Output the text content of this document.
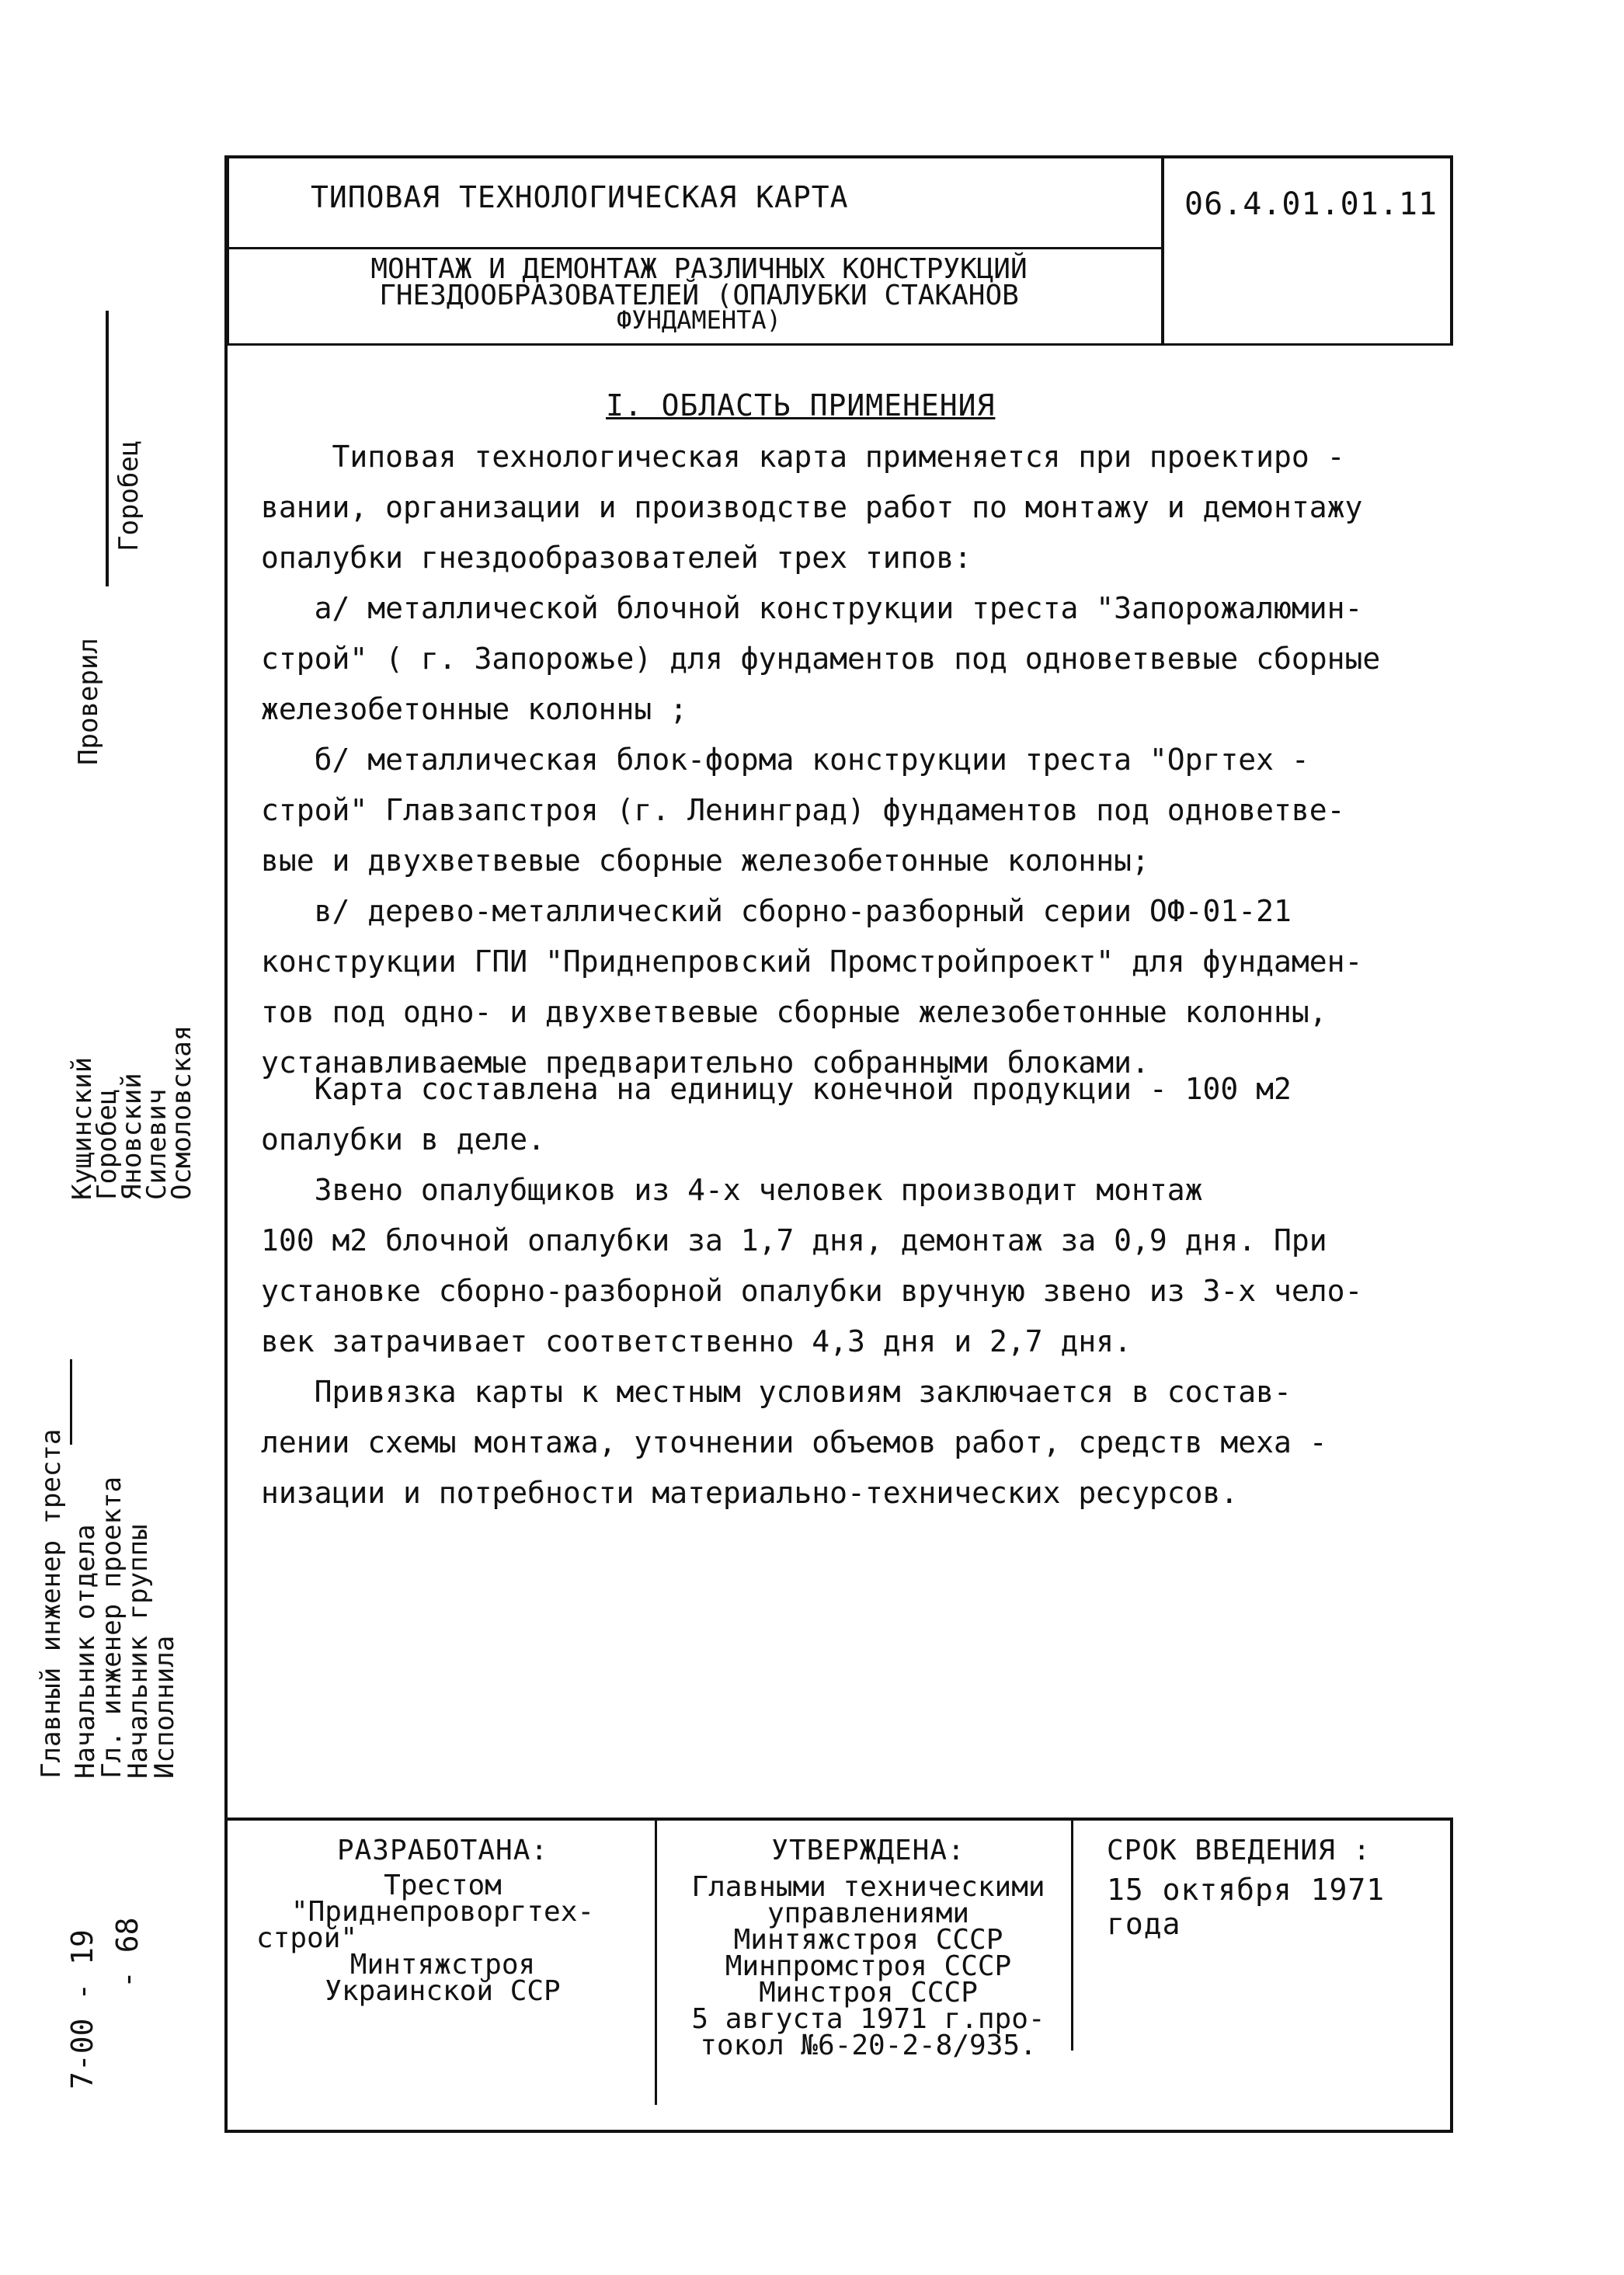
ТИПОВАЯ ТЕХНОЛОГИЧЕСКАЯ КАРТА
МОНТАЖ И ДЕМОНТАЖ РАЗЛИЧНЫХ КОНСТРУКЦИЙ
ГНЕЗДООБРАЗОВАТЕЛЕЙ (ОПАЛУБКИ СТАКАНОВ
ФУНДАМЕНТА)
06.4.01.01.11
I. ОБЛАСТЬ ПРИМЕНЕНИЯ
Типовая технологическая карта применяется при проектиро -
вании, организации и производстве работ по монтажу и демонтажу
опалубки гнездообразователей трех типов:
а/ металлической блочной конструкции треста "Запорожалюмин-
строй" ( г. Запорожье) для фундаментов под одноветвевые сборные
железобетонные колонны ;
б/ металлическая блок-форма конструкции треста "Оргтех -
строй" Главзапстроя (г. Ленинград) фундаментов под одноветве-
вые и двухветвевые сборные железобетонные колонны;
в/ дерево-металлический сборно-разборный серии ОФ-01-21
конструкции ГПИ "Приднепровский Промстройпроект" для фундамен-
тов под одно- и двухветвевые сборные железобетонные колонны,
устанавливаемые предварительно собранными блоками.
Карта составлена на единицу конечной продукции - 100 м2
опалубки в деле.
Звено опалубщиков из 4-х человек производит монтаж
100 м2 блочной опалубки за 1,7 дня, демонтаж за 0,9 дня. При
установке сборно-разборной опалубки вручную звено из 3-х чело-
век затрачивает соответственно 4,3 дня и 2,7 дня.
Привязка карты к местным условиям заключается в состав-
лении схемы монтажа, уточнении объемов работ, средств меха -
низации и потребности материально-технических ресурсов.
Горобец
Проверил
Кущинский
Горобец
Яновский
Силевич
Осмоловская
Главный инженер треста Начальник отдела
Гл. инженер проекта
Начальник группы
Исполнила
7-00 - 19 - 68
РАЗРАБОТАНА:
Трестом
"Приднепроворгтех-
строй"
Минтяжстроя
Украинской ССР
УТВЕРЖДЕНА:
Главными техническими
управлениями
Минтяжстроя СССР
Минпромстроя СССР
Минстроя СССР
5 августа 1971 г.про-
токол №6-20-2-8/935.
СРОК ВВЕДЕНИЯ :
15 октября 1971 года
